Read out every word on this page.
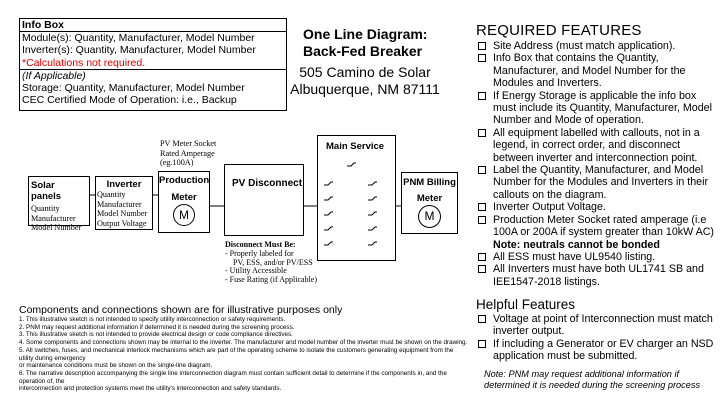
Info Box
Module(s): Quantity, Manufacturer, Model Number
Inverter(s): Quantity, Manufacturer, Model Number
*Calculations not required.
(If Applicable)
Storage: Quantity, Manufacturer, Model Number
CEC Certified Mode of Operation: i.e., Backup
One Line Diagram:
Back-Fed Breaker
505 Camino de Solar
Albuquerque, NM 87111
PV Meter Socket
Rated Amperage
(eg.100A)
Solar panels
Quantity
Manufacturer
Model Number
Inverter
Quantity
Manufacturer
Model Number
Output Voltage
Production
Meter
M
PV Disconnect
Main Service
PNM Billing
Meter
M
Disconnect Must Be:
- Properly labeled for
PV, ESS, and/or PV/ESS
- Utility Accessible
- Fuse Rating (if Applicable)
REQUIRED FEATURES
Site Address (must match application).
Info Box that contains the Quantity, Manufacturer, and Model Number for the Modules and Inverters.
If Energy Storage is applicable the info box must include its Quantity, Manufacturer, Model Number and Mode of operation.
All equipment labelled with callouts, not in a legend, in correct order, and disconnect between inverter and interconnection point.
Label the Quantity, Manufacturer, and Model Number for the Modules and Inverters in their callouts on the diagram.
Inverter Output Voltage.
Production Meter Socket rated amperage (i.e 100A or 200A if system greater than 10kW AC)
Note: neutrals cannot be bonded
All ESS must have UL9540 listing.
All Inverters must have both UL1741 SB and IEE1547-2018 listings.
Helpful Features
Voltage at point of Interconnection must match inverter output.
If including a Generator or EV charger an NSD application must be submitted.
Note: PNM may request additional information if determined it is needed during the screening process
Components and connections shown are for illustrative purposes only
1. This illustrative sketch is not intended to specify utility interconnection or safety requirements.
2. PNM may request additional information if determined it is needed during the screening process.
3. This illustrative sketch is not intended to provide electrical design or code compliance directives.
4. Some components and connections shown may be internal to the inverter. The manufacturer and model number of the inverter must be shown on the drawing.
5. All switches, fuses, and mechanical interlock mechanisms which are part of the operating scheme to isolate the customers generating equipment from the utility during emergency
or maintenance conditions must be shown on the single-line diagram.
6. The narrative description accompanying the single line interconnection diagram must contain sufficient detail to determine if the components in, and the operation of, the
interconnection and protection systems meet the utility's interconnection and safety standards.
